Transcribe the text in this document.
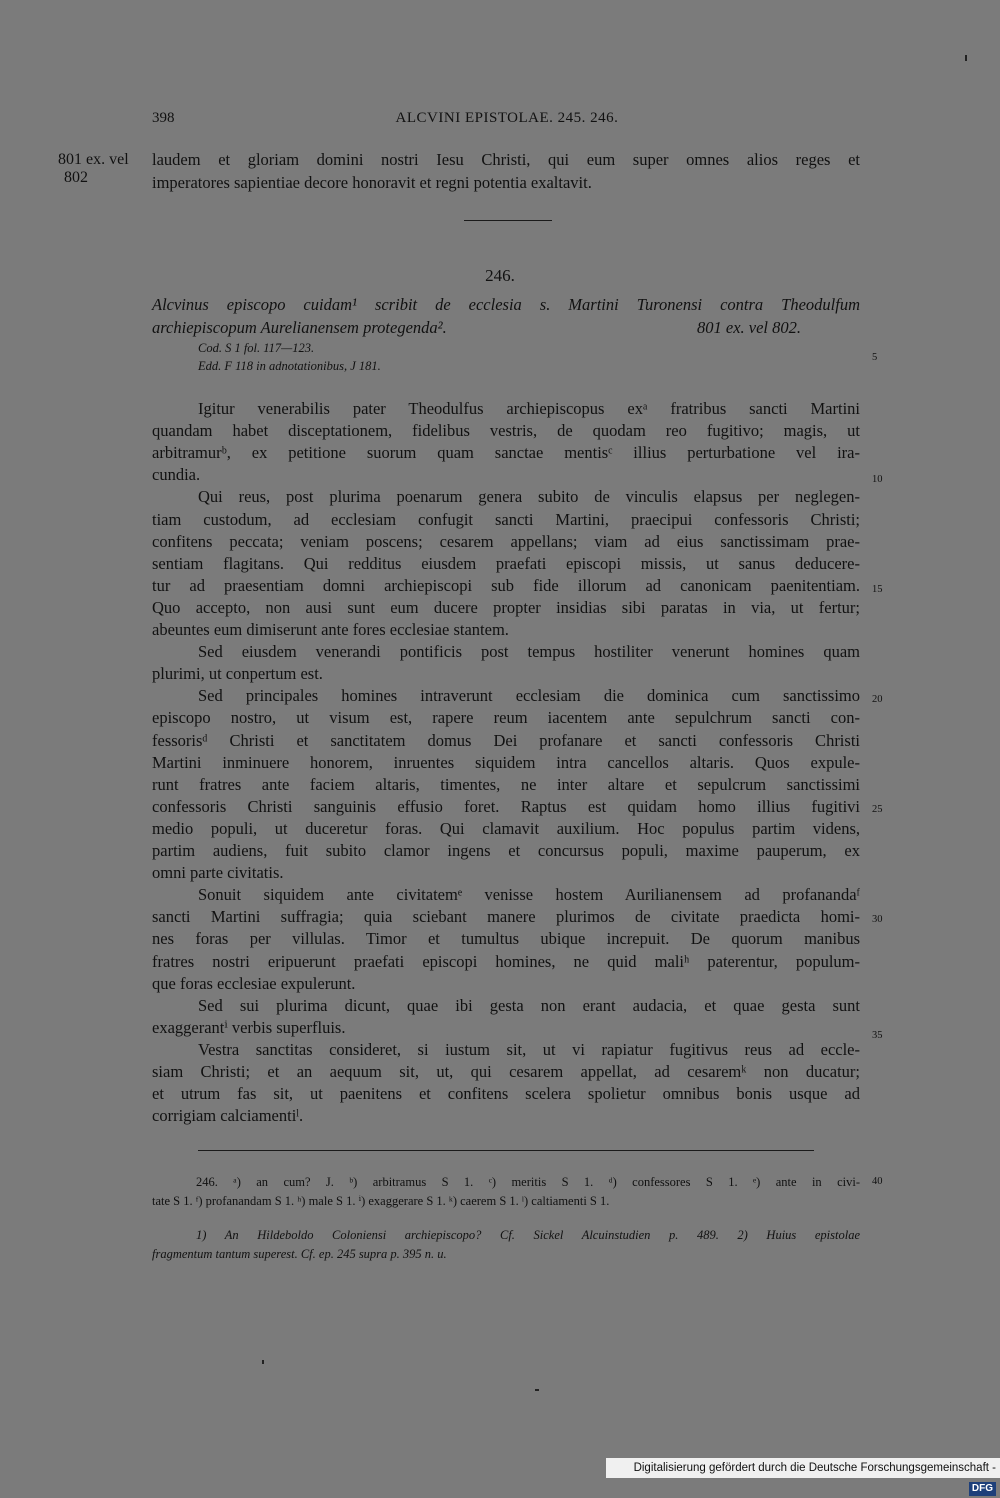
398	ALCVINI EPISTOLAE. 245. 246.
801 ex. vel
802
laudem et gloriam domini nostri Iesu Christi, qui eum super omnes alios reges et
imperatores sapientiae decore honoravit et regni potentia exaltavit.
246.
Alcvinus episcopo cuidam¹ scribit de ecclesia s. Martini Turonensi contra Theodulfum
archiepiscopum Aurelianensem protegenda².	801 ex. vel 802.
Cod. S 1 fol. 117—123.
Edd. F 118 in adnotationibus, J 181.
Igitur venerabilis pater Theodulfus archiepiscopus exᵃ fratribus sancti Martini
quandam habet disceptationem, fidelibus vestris, de quodam reo fugitivo; magis, ut
arbitramurᵇ, ex petitione suorum quam sanctae mentisᶜ illius perturbatione vel ira-
cundia.
Qui reus, post plurima poenarum genera subito de vinculis elapsus per neglegen-
tiam custodum, ad ecclesiam confugit sancti Martini, praecipui confessoris Christi;
confitens peccata; veniam poscens; cesarem appellans; viam ad eius sanctissimam prae-
sentiam flagitans. Qui redditus eiusdem praefati episcopi missis, ut sanus deducere-
tur ad praesentiam domni archiepiscopi sub fide illorum ad canonicam paenitentiam.
Quo accepto, non ausi sunt eum ducere propter insidias sibi paratas in via, ut fertur;
abeuntes eum dimiserunt ante fores ecclesiae stantem.
Sed eiusdem venerandi pontificis post tempus hostiliter venerunt homines quam
plurimi, ut conpertum est.
Sed principales homines intraverunt ecclesiam die dominica cum sanctissimo
episcopo nostro, ut visum est, rapere reum iacentem ante sepulchrum sancti con-
fessorisᵈ Christi et sanctitatem domus Dei profanare et sancti confessoris Christi
Martini inminuere honorem, inruentes siquidem intra cancellos altaris. Quos expule-
runt fratres ante faciem altaris, timentes, ne inter altare et sepulcrum sanctissimi
confessoris Christi sanguinis effusio foret. Raptus est quidam homo illius fugitivi
medio populi, ut duceretur foras. Qui clamavit auxilium. Hoc populus partim videns,
partim audiens, fuit subito clamor ingens et concursus populi, maxime pauperum, ex
omni parte civitatis.
Sonuit siquidem ante civitatemᵉ venisse hostem Aurilianensem ad profanandaᶠ
sancti Martini suffragia; quia sciebant manere plurimos de civitate praedicta homi-
nes foras per villulas. Timor et tumultus ubique increpuit. De quorum manibus
fratres nostri eripuerunt praefati episcopi homines, ne quid maliʰ paterentur, populum-
que foras ecclesiae expulerunt.
Sed sui plurima dicunt, quae ibi gesta non erant audacia, et quae gesta sunt
exaggerantⁱ verbis superfluis.
Vestra sanctitas consideret, si iustum sit, ut vi rapiatur fugitivus reus ad eccle-
siam Christi; et an aequum sit, ut, qui cesarem appellat, ad cesaremᵏ non ducatur;
et utrum fas sit, ut paenitens et confitens scelera spolietur omnibus bonis usque ad
corrigiam calciamentiˡ.
5
10
15
20
25
30
35
40
246. ᵃ) an cum? J. ᵇ) arbitramus S 1. ᶜ) meritis S 1. ᵈ) confessores S 1. ᵉ) ante in civi-
tate S 1. ᶠ) profanandam S 1. ʰ) male S 1. ⁱ) exaggerare S 1. ᵏ) caerem S 1. ˡ) caltiamenti S 1.
1) An Hildeboldo Coloniensi archiepiscopo? Cf. Sickel Alcuinstudien p. 489. 2) Huius epistolae
fragmentum tantum superest. Cf. ep. 245 supra p. 395 n. u.
Digitalisierung gefördert durch die Deutsche Forschungsgemeinschaft - DFG
